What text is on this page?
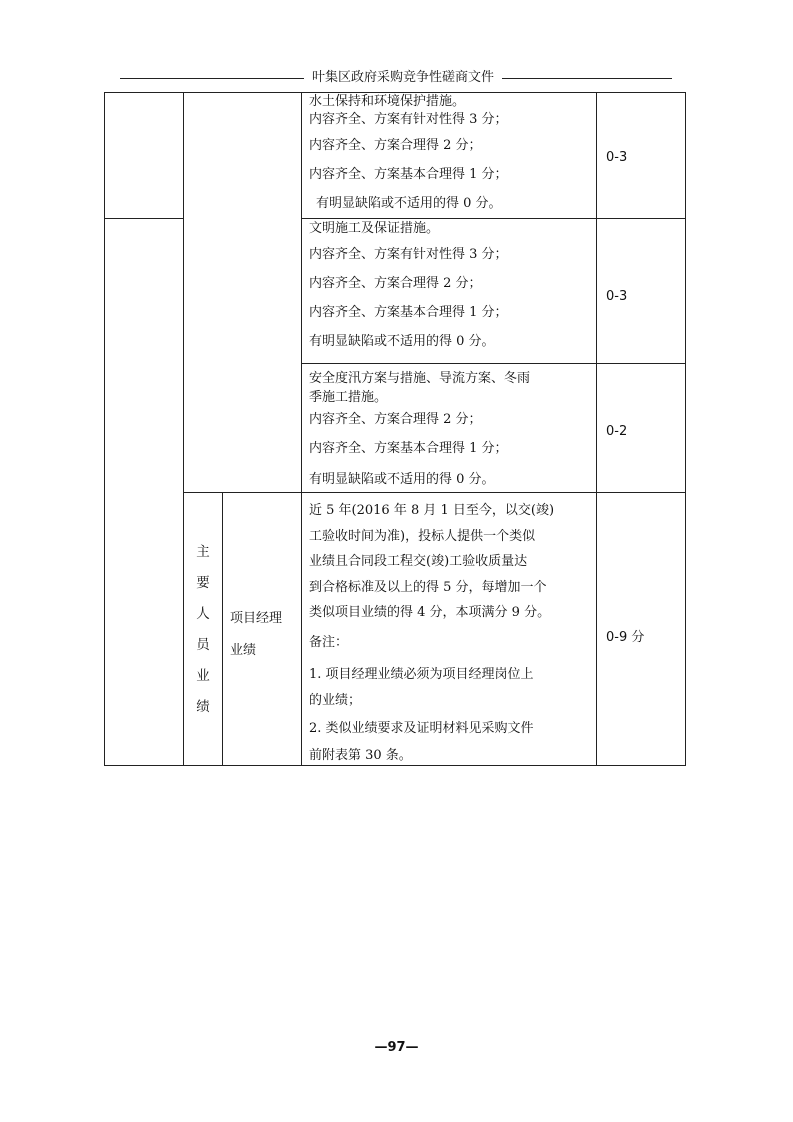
叶集区政府采购竞争性磋商文件

水土保持和环境保护措施。

内容齐全、方案有针对性得 3 分；

内容齐全、方案合理得 2 分；

内容齐全、方案基本合理得 1 分；

有明显缺陷或不适用的得 0 分。

0-3

文明施工及保证措施。

内容齐全、方案有针对性得 3 分；

内容齐全、方案合理得 2 分；

内容齐全、方案基本合理得 1 分；

有明显缺陷或不适用的得 0 分。

0-3

安全度汛方案与措施、导流方案、冬雨

季施工措施。

内容齐全、方案合理得 2 分；

内容齐全、方案基本合理得 1 分；

有明显缺陷或不适用的得 0 分。

0-2
主
要
人
员
业
绩

项目经理

业绩

近 5 年(2016 年 8 月 1 日至今，以交(竣)

工验收时间为准)，投标人提供一个类似

业绩且合同段工程交(竣)工验收质量达

到合格标准及以上的得 5 分，每增加一个

类似项目业绩的得 4 分，本项满分 9 分。

备注：

1. 项目经理业绩必须为项目经理岗位上

的业绩；

2. 类似业绩要求及证明材料见采购文件

前附表第 30 条。

0-9 分
—97—
